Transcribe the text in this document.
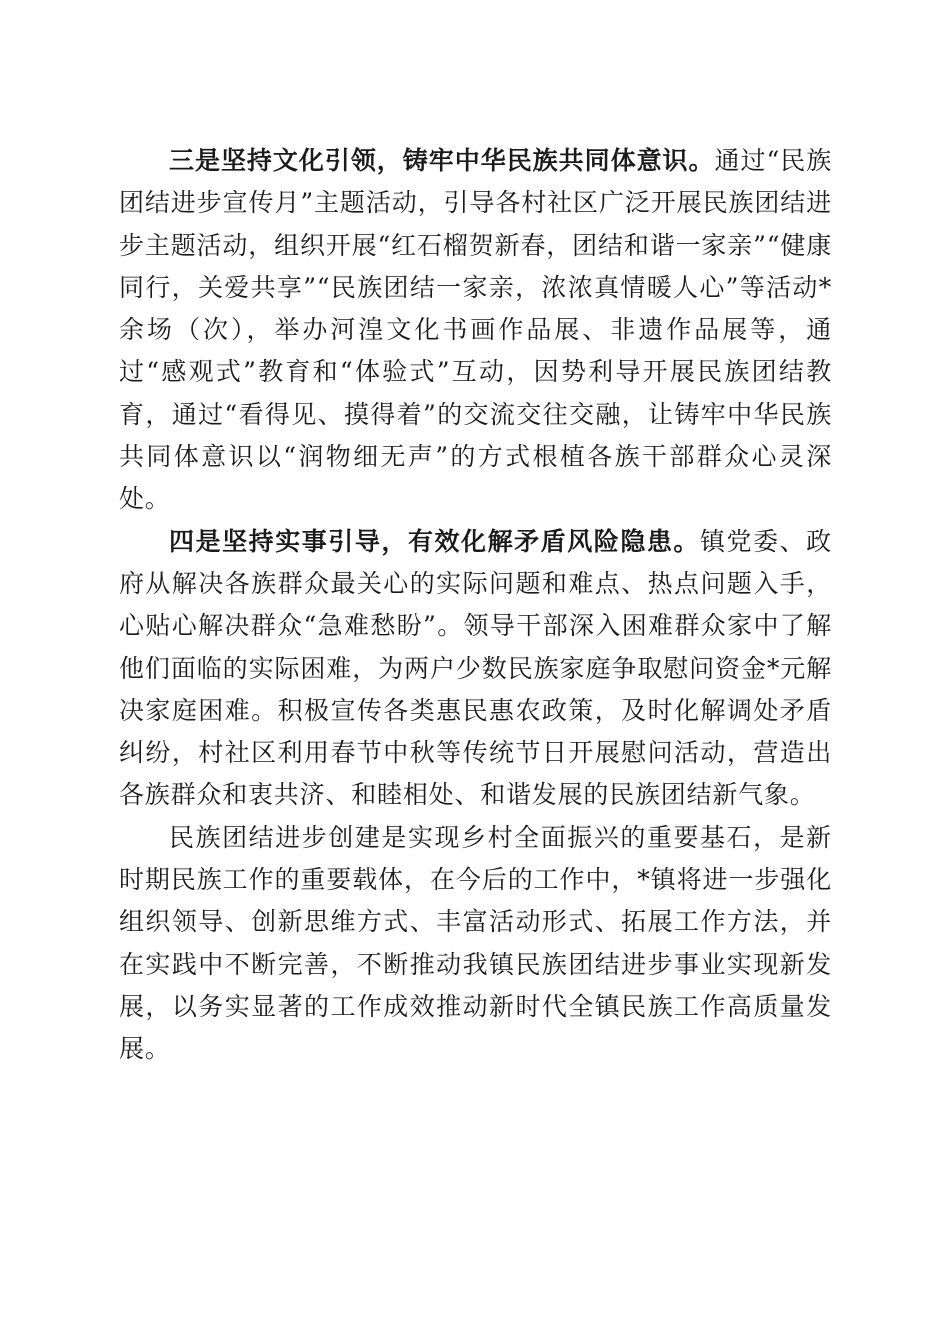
三是坚持文化引领，铸牢中华民族共同体意识。通过“民族团结进步宣传月”主题活动，引导各村社区广泛开展民族团结进步主题活动，组织开展“红石榴贺新春，团结和谐一家亲”“健康同行，关爱共享”“民族团结一家亲，浓浓真情暖人心”等活动*余场（次），举办河湟文化书画作品展、非遗作品展等，通过“感观式”教育和“体验式”互动，因势利导开展民族团结教育，通过“看得见、摸得着”的交流交往交融，让铸牢中华民族共同体意识以“润物细无声”的方式根植各族干部群众心灵深处。

四是坚持实事引导，有效化解矛盾风险隐患。镇党委、政府从解决各族群众最关心的实际问题和难点、热点问题入手，心贴心解决群众“急难愁盼”。领导干部深入困难群众家中了解他们面临的实际困难，为两户少数民族家庭争取慰问资金*元解决家庭困难。积极宣传各类惠民惠农政策，及时化解调处矛盾纠纷，村社区利用春节中秋等传统节日开展慰问活动，营造出各族群众和衷共济、和睦相处、和谐发展的民族团结新气象。

民族团结进步创建是实现乡村全面振兴的重要基石，是新时期民族工作的重要载体，在今后的工作中，*镇将进一步强化组织领导、创新思维方式、丰富活动形式、拓展工作方法，并在实践中不断完善，不断推动我镇民族团结进步事业实现新发展，以务实显著的工作成效推动新时代全镇民族工作高质量发展。
